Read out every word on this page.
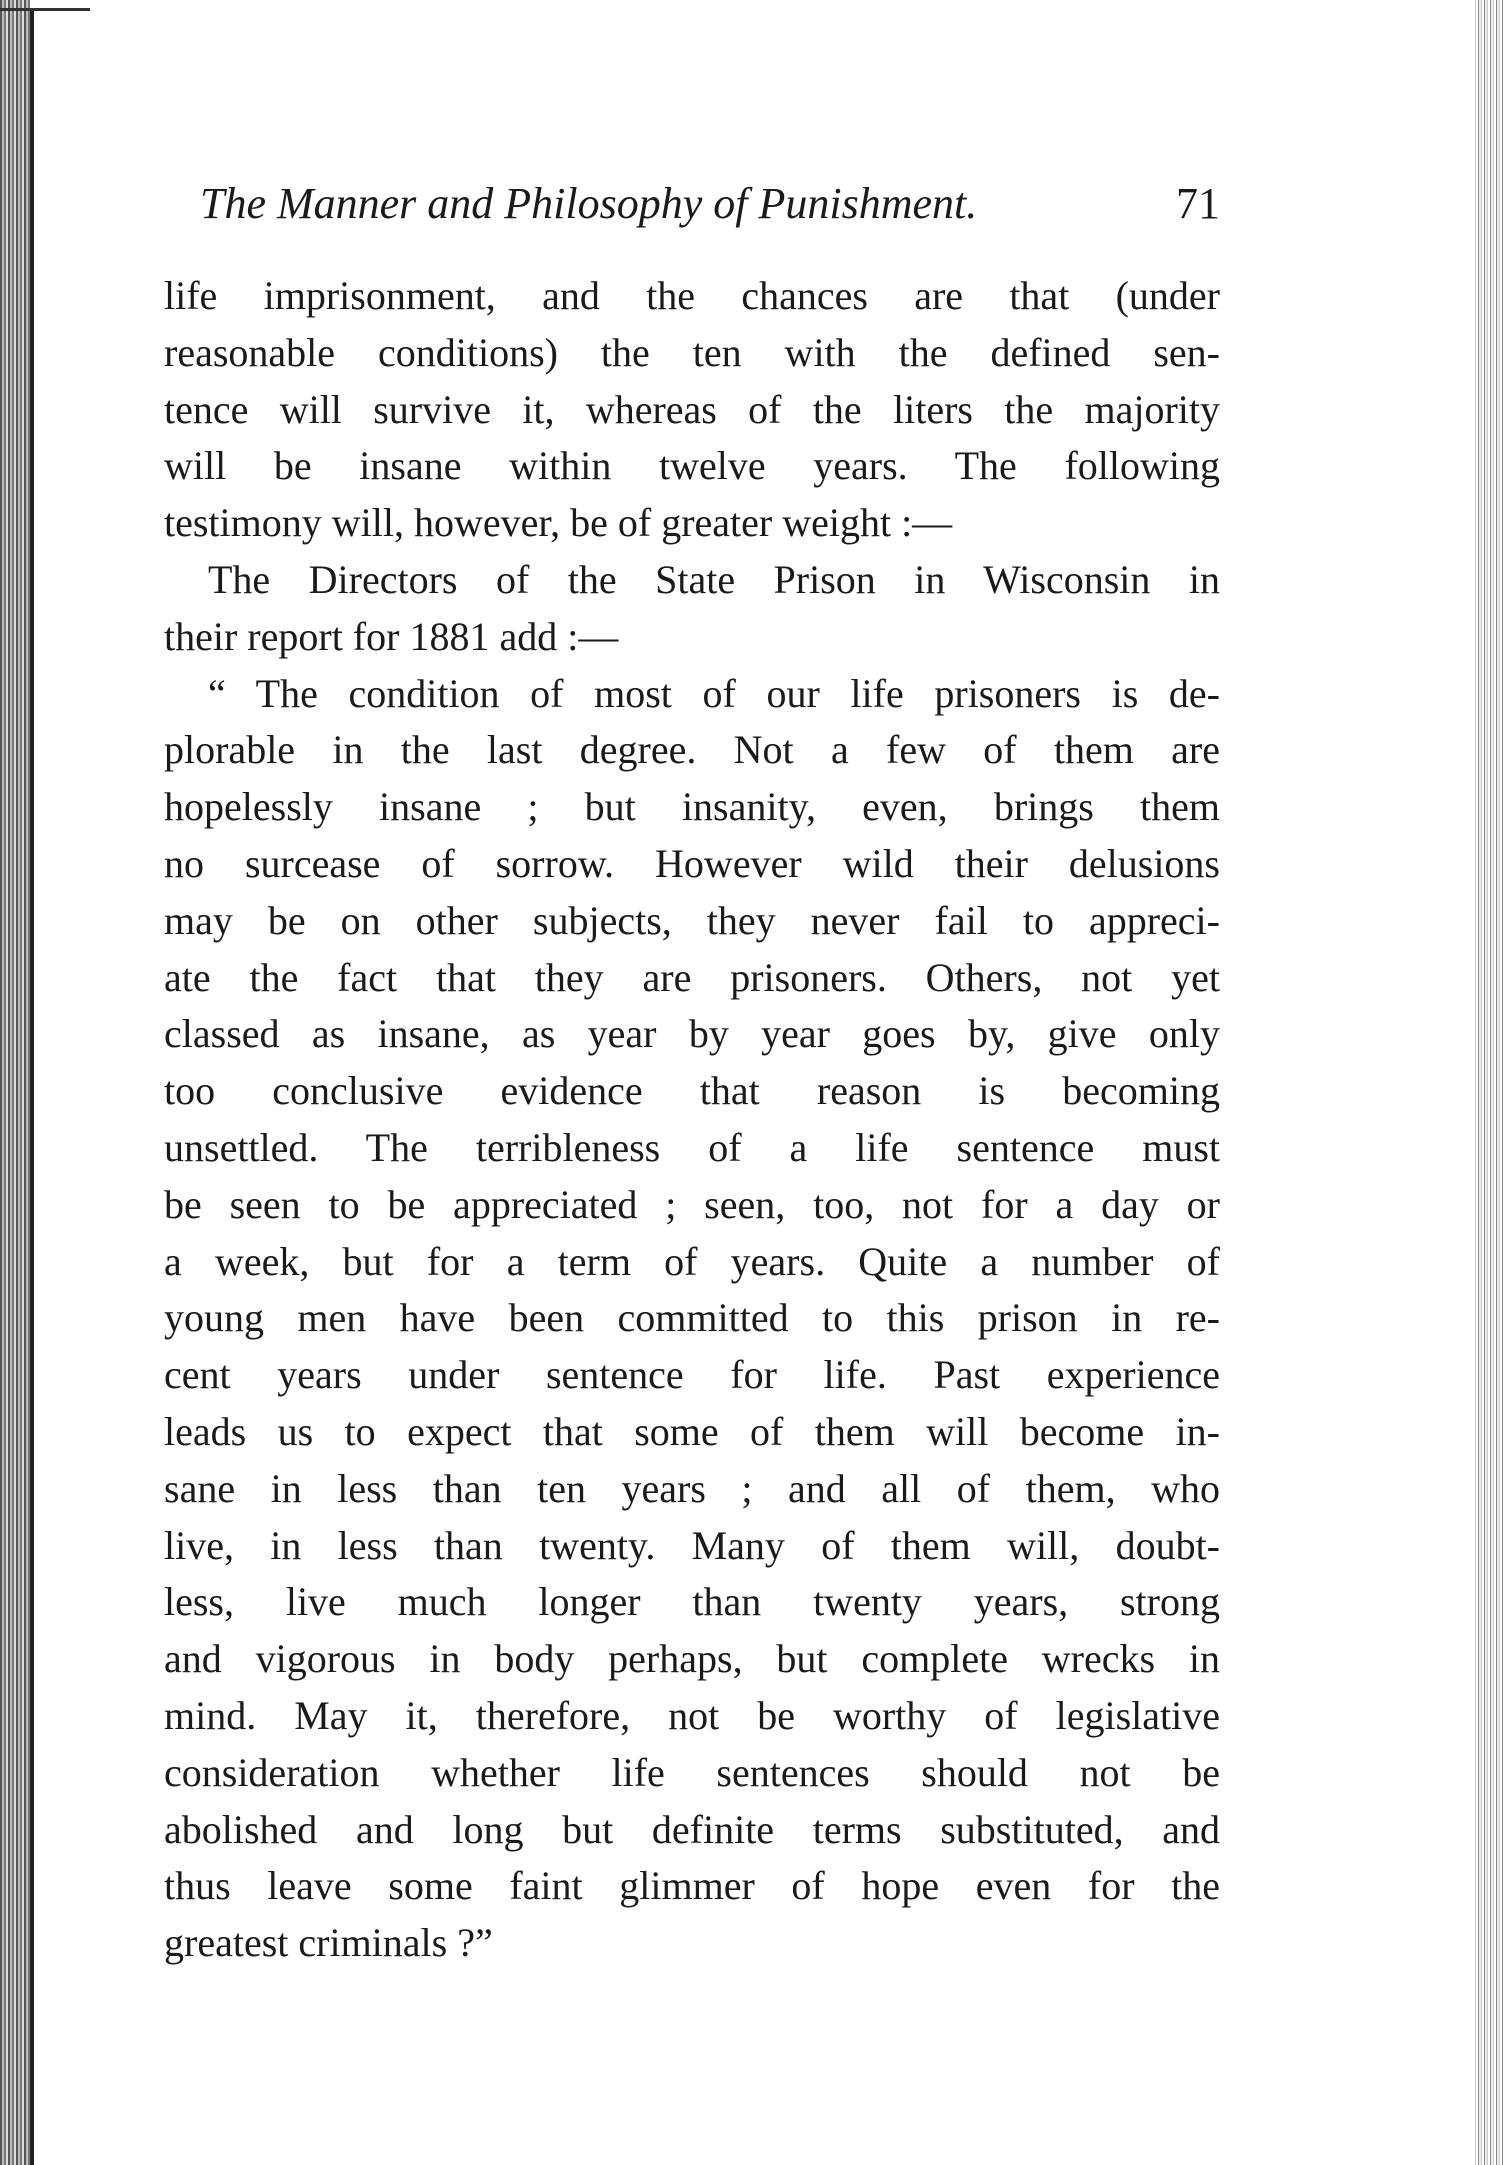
The Manner and Philosophy of Punishment.	71
life imprisonment, and the chances are that (under
reasonable conditions) the ten with the defined sen-
tence will survive it, whereas of the liters the majority
will be insane within twelve years. The following
testimony will, however, be of greater weight :—
The Directors of the State Prison in Wisconsin in
their report for 1881 add :—
“ The condition of most of our life prisoners is de-
plorable in the last degree. Not a few of them are
hopelessly insane ; but insanity, even, brings them
no surcease of sorrow. However wild their delusions
may be on other subjects, they never fail to appreci-
ate the fact that they are prisoners. Others, not yet
classed as insane, as year by year goes by, give only
too conclusive evidence that reason is becoming
unsettled. The terribleness of a life sentence must
be seen to be appreciated ; seen, too, not for a day or
a week, but for a term of years. Quite a number of
young men have been committed to this prison in re-
cent years under sentence for life. Past experience
leads us to expect that some of them will become in-
sane in less than ten years ; and all of them, who
live, in less than twenty. Many of them will, doubt-
less, live much longer than twenty years, strong
and vigorous in body perhaps, but complete wrecks in
mind. May it, therefore, not be worthy of legislative
consideration whether life sentences should not be
abolished and long but definite terms substituted, and
thus leave some faint glimmer of hope even for the
greatest criminals ?”
